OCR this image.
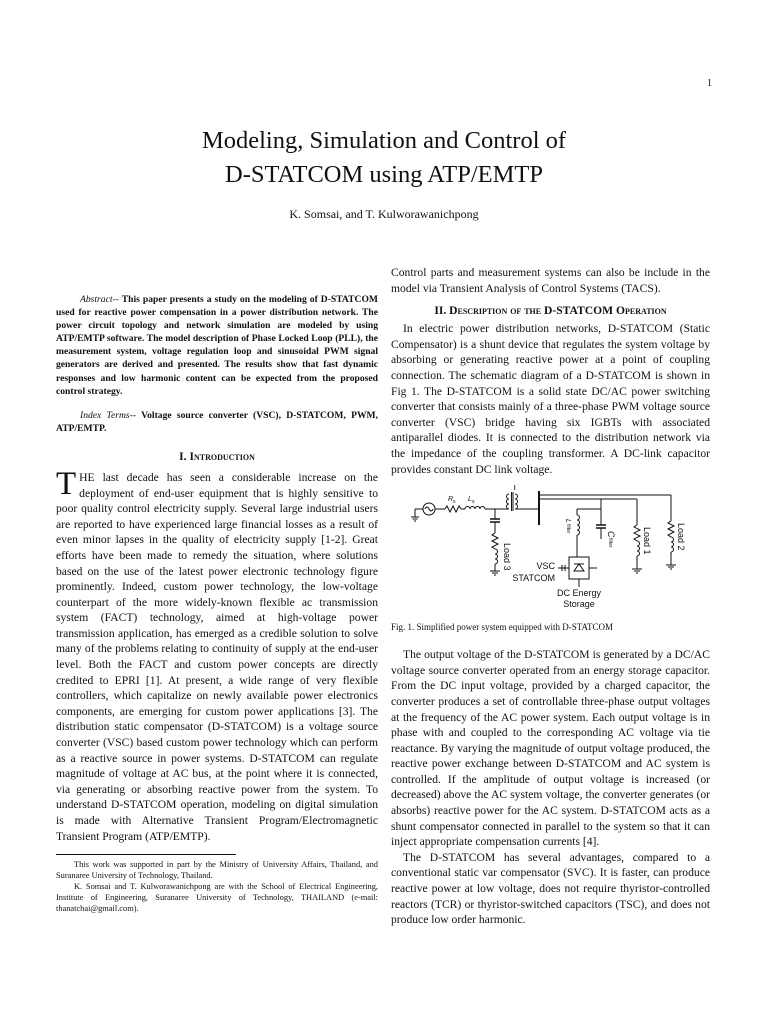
1
Modeling, Simulation and Control of
D-STATCOM using ATP/EMTP
K. Somsai, and T. Kulworawanichpong

Abstract-- This paper presents a study on the modeling of D-STATCOM used for reactive power compensation in a power distribution network. The power circuit topology and network simulation are modeled by using ATP/EMTP software. The model description of Phase Locked Loop (PLL), the measurement system, voltage regulation loop and sinusoidal PWM signal generators are derived and presented. The results show that fast dynamic responses and low harmonic content can be expected from the proposed control strategy.

Index Terms-- Voltage source converter (VSC), D-STATCOM, PWM, ATP/EMTP.

I. Introduction

THE last decade has seen a considerable increase on the deployment of end-user equipment that is highly sensitive to poor quality control electricity supply. Several large industrial users are reported to have experienced large financial losses as a result of even minor lapses in the quality of electricity supply [1-2]. Great efforts have been made to remedy the situation, where solutions based on the use of the latest power electronic technology figure prominently. Indeed, custom power technology, the low-voltage counterpart of the more widely-known flexible ac transmission system (FACT) technology, aimed at high-voltage power transmission application, has emerged as a credible solution to solve many of the problems relating to continuity of supply at the end-user level. Both the FACT and custom power concepts are directly credited to EPRI [1]. At present, a wide range of very flexible controllers, which capitalize on newly available power electronics components, are emerging for custom power applications [3]. The distribution static compensator (D-STATCOM) is a voltage source converter (VSC) based custom power technology which can perform as a reactive source in power systems. D-STATCOM can regulate magnitude of voltage at AC bus, at the point where it is connected, via generating or absorbing reactive power from the system. To understand D-STATCOM operation, modeling on digital simulation is made with Alternative Transient Program/Electromagnetic Transient Program (ATP/EMTP).

This work was supported in part by the Ministry of University Affairs, Thailand, and Suranaree University of Technology, Thailand.

K. Somsai and T. Kulworawanichpong are with the School of Electrical Engineering, Institute of Engineering, Suranaree University of Technology, THAILAND (e-mail: thanatchai@gmail.com).

Control parts and measurement systems can also be include in the model via Transient Analysis of Control Systems (TACS).

II. Description of the D-STATCOM Operation

In electric power distribution networks, D-STATCOM (Static Compensator) is a shunt device that regulates the system voltage by absorbing or generating reactive power at a point of coupling connection. The schematic diagram of a D-STATCOM is shown in Fig 1. The D-STATCOM is a solid state DC/AC power switching converter that consists mainly of a three-phase PWM voltage source converter (VSC) bridge having six IGBTs with associated antiparallel diodes. It is connected to the distribution network via the impedance of the coupling transformer. A DC-link capacitor provides constant DC link voltage.

T
R s L s
Load 3
L
filter
C
filter	Load 1	Load 2
VSC
STATCOM
DC Energy
Storage

Fig. 1. Simplified power system equipped with D-STATCOM

The output voltage of the D-STATCOM is generated by a DC/AC voltage source converter operated from an energy storage capacitor. From the DC input voltage, provided by a charged capacitor, the converter produces a set of controllable three-phase output voltages at the frequency of the AC power system. Each output voltage is in phase with and coupled to the corresponding AC voltage via tie reactance. By varying the magnitude of output voltage produced, the reactive power exchange between D-STATCOM and AC system is controlled. If the amplitude of output voltage is increased (or decreased) above the AC system voltage, the converter generates (or absorbs) reactive power for the AC system. D-STATCOM acts as a shunt compensator connected in parallel to the system so that it can inject appropriate compensation currents [4].

The D-STATCOM has several advantages, compared to a conventional static var compensator (SVC). It is faster, can produce reactive power at low voltage, does not require thyristor-controlled reactors (TCR) or thyristor-switched capacitors (TSC), and does not produce low order harmonic.
